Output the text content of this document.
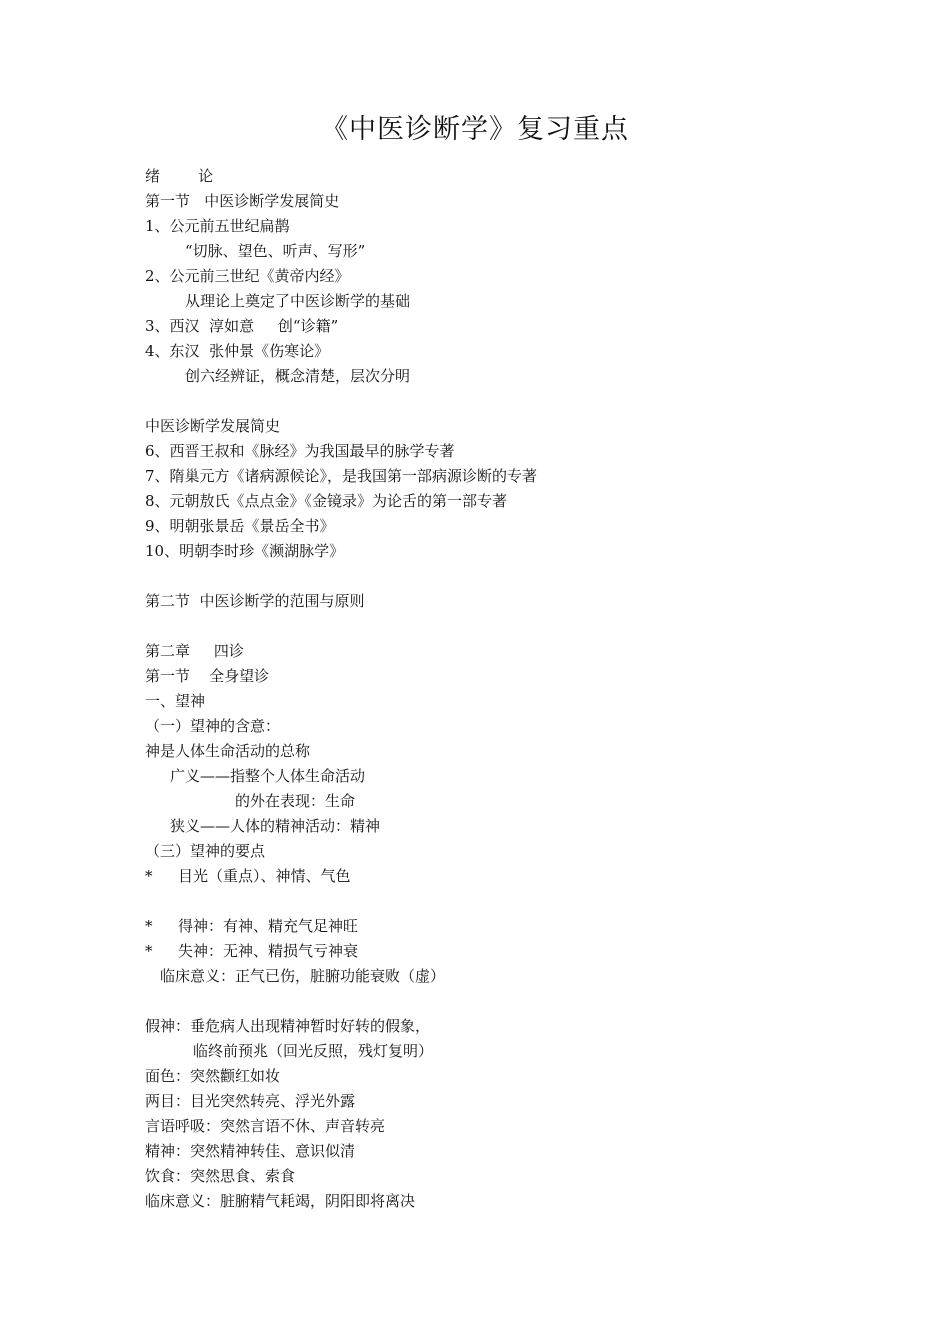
《中医诊断学》复习重点
绪        论
第一节   中医诊断学发展简史
1、公元前五世纪扁鹊
“切脉、望色、听声、写形”
2、公元前三世纪《黄帝内经》
从理论上奠定了中医诊断学的基础
3、西汉  淳如意     创“诊籍”
4、东汉  张仲景《伤寒论》
创六经辨证，概念清楚，层次分明
中医诊断学发展简史
6、西晋王叔和《脉经》为我国最早的脉学专著
7、隋巢元方《诸病源候论》，是我国第一部病源诊断的专著
8、元朝敖氏《点点金》《金镜录》为论舌的第一部专著
9、明朝张景岳《景岳全书》
10、明朝李时珍《濒湖脉学》
第二节  中医诊断学的范围与原则
第二章     四诊
第一节    全身望诊
一、望神
（一）望神的含意：
神是人体生命活动的总称
广义——指整个人体生命活动
的外在表现：生命
狭义——人体的精神活动：精神
（三）望神的要点
*	目光（重点）、神情、气色
*	得神：有神、精充气足神旺
*	失神：无神、精损气亏神衰
临床意义：正气已伤，脏腑功能衰败（虚）
假神：垂危病人出现精神暂时好转的假象，
临终前预兆（回光反照，残灯复明）
面色：突然颧红如妆
两目：目光突然转亮、浮光外露
言语呼吸：突然言语不休、声音转亮
精神：突然精神转佳、意识似清
饮食：突然思食、索食
临床意义：脏腑精气耗竭，阴阳即将离决
